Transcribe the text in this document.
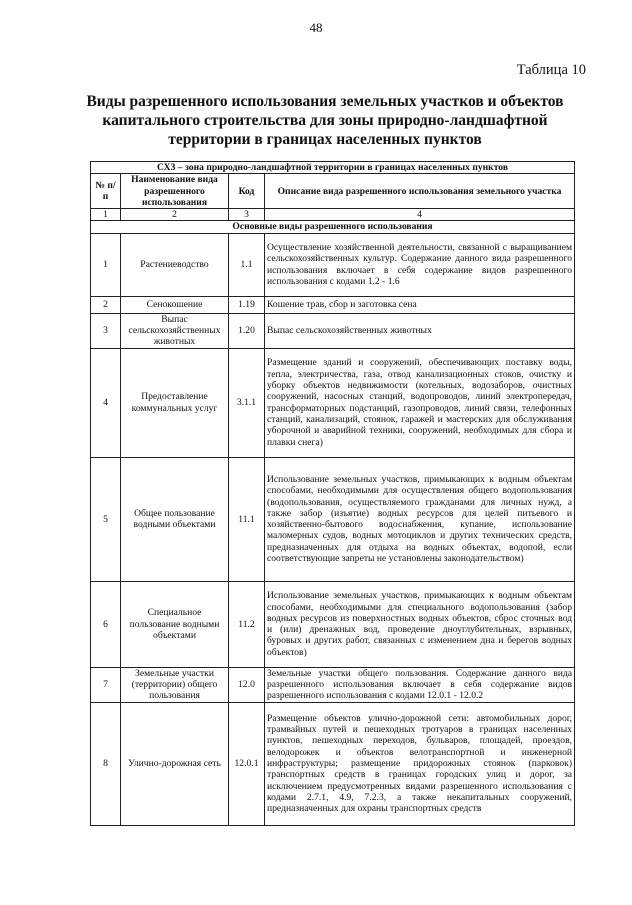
48
Таблица 10
Виды разрешенного использования земельных участков и объектов капитального строительства для зоны природно-ландшафтной территории в границах населенных пунктов
СХ3 – зона природно-ландшафтной территории в границах населенных пунктов			
№ п/п	Наименование вида разрешенного использования	Код	Описание вида разрешенного использования земельного участка
1	2	3	4
Основные виды разрешенного использования			
1	Растениеводство	1.1	Осуществление хозяйственной деятельности, связанной с выращиванием сельскохозяйственных культур. Содержание данного вида разрешенного использования включает в себя содержание видов разрешенного использования с кодами 1.2 - 1.6
2	Сенокошение	1.19	Кошение трав, сбор и заготовка сена
3	Выпас сельскохозяйственных животных	1.20	Выпас сельскохозяйственных животных
4	Предоставление коммунальных услуг	3.1.1	Размещение зданий и сооружений, обеспечивающих поставку воды, тепла, электричества, газа, отвод канализационных стоков, очистку и уборку объектов недвижимости (котельных, водозаборов, очистных сооружений, насосных станций, водопроводов, линий электропередач, трансформаторных подстанций, газопроводов, линий связи, телефонных станций, канализаций, стоянок, гаражей и мастерских для обслуживания уборочной и аварийной техники, сооружений, необходимых для сбора и плавки снега)
5	Общее пользование водными объектами	11.1	Использование земельных участков, примыкающих к водным объектам способами, необходимыми для осуществления общего водопользования (водопользования, осуществляемого гражданами для личных нужд, а также забор (изъятие) водных ресурсов для целей питьевого и хозяйственно-бытового водоснабжения, купание, использование маломерных судов, водных мотоциклов и других технических средств, предназначенных для отдыха на водных объектах, водопой, если соответствующие запреты не установлены законодательством)
6	Специальное пользование водными объектами	11.2	Использование земельных участков, примыкающих к водным объектам способами, необходимыми для специального водопользования (забор водных ресурсов из поверхностных водных объектов, сброс сточных вод и (или) дренажных вод, проведение дноуглубительных, взрывных, буровых и других работ, связанных с изменением дна и берегов водных объектов)
7	Земельные участки (территории) общего пользования	12.0	Земельные участки общего пользования. Содержание данного вида разрешенного использования включает в себя содержание видов разрешенного использования с кодами 12.0.1 - 12.0.2
8	Улично-дорожная сеть	12.0.1	Размещение объектов улично-дорожной сети: автомобильных дорог, трамвайных путей и пешеходных тротуаров в границах населенных пунктов, пешеходных переходов, бульваров, площадей, проездов, велодорожек и объектов велотранспортной и инженерной инфраструктуры; размещение придорожных стоянок (парковок) транспортных средств в границах городских улиц и дорог, за исключением предусмотренных видами разрешенного использования с кодами 2.7.1, 4.9, 7.2.3, а также некапитальных сооружений, предназначенных для охраны транспортных средств
